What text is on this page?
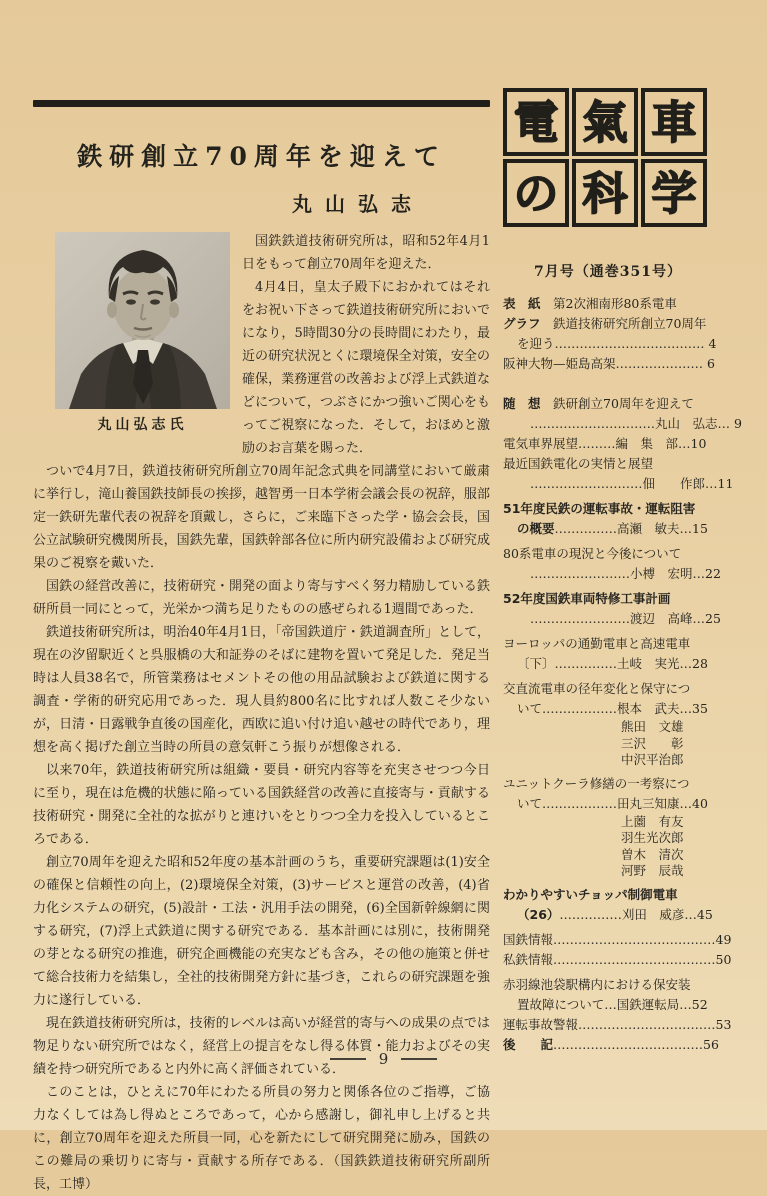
鉄研創立70周年を迎えて
丸山弘志
丸山弘志氏

国鉄鉄道技術研究所は，昭和52年4月1日をもって創立70周年を迎えた．

4月4日，皇太子殿下におかれてはそれをお祝い下さって鉄道技術研究所においでになり，5時間30分の長時間にわたり，最近の研究状況とくに環境保全対策，安全の確保，業務運営の改善および浮上式鉄道などについて，つぶさにかつ強いご関心をもってご視察になった．そして，おほめと激励のお言葉を賜った．

ついで4月7日，鉄道技術研究所創立70周年記念式典を同講堂において厳粛に挙行し，滝山養国鉄技師長の挨拶，越智勇一日本学術会議会長の祝辞，服部定一鉄研先輩代表の祝辞を頂戴し，さらに，ご来臨下さった学・協会会長，国公立試験研究機関所長，国鉄先輩，国鉄幹部各位に所内研究設備および研究成果のご視察を戴いた．

国鉄の経営改善に，技術研究・開発の面より寄与すべく努力精励している鉄研所員一同にとって，光栄かつ満ち足りたものの感ぜられる1週間であった．

鉄道技術研究所は，明治40年4月1日，「帝国鉄道庁・鉄道調査所」として，現在の汐留駅近くと呉服橋の大和証券のそばに建物を置いて発足した．発足当時は人員38名で，所管業務はセメントその他の用品試験および鉄道に関する調査・学術的研究応用であった．現人員約800名に比すれば人数こそ少ないが，日清・日露戦争直後の国産化，西欧に追い付け追い越せの時代であり，理想を高く掲げた創立当時の所員の意気軒こう振りが想像される．

以来70年，鉄道技術研究所は組織・要員・研究内容等を充実させつつ今日に至り，現在は危機的状態に陥っている国鉄経営の改善に直接寄与・貢献する技術研究・開発に全社的な拡がりと連けいをとりつつ全力を投入しているところである．

創立70周年を迎えた昭和52年度の基本計画のうち，重要研究課題は(1)安全の確保と信頼性の向上，(2)環境保全対策，(3)サービスと運営の改善，(4)省力化システムの研究，(5)設計・工法・汎用手法の開発，(6)全国新幹線網に関する研究，(7)浮上式鉄道に関する研究である．基本計画には別に，技術開発の芽となる研究の推進，研究企画機能の充実なども含み，その他の施策と併せて総合技術力を結集し，全社的技術開発方針に基づき，これらの研究課題を強力に遂行している．

現在鉄道技術研究所は，技術的レベルは高いが経営的寄与への成果の点では物足りない研究所ではなく，経営上の提言をなし得る体質・能力およびその実績を持つ研究所であると内外に高く評価されている．

このことは，ひとえに70年にわたる所員の努力と関係各位のご指導，ご協力なくしては為し得ぬところであって，心から感謝し，御礼申し上げると共に，創立70周年を迎えた所員一同，心を新たにして研究開発に励み，国鉄のこの難局の乗切りに寄与・貢献する所存である．（国鉄鉄道技術研究所副所長，工博）

電 氣 車
の 科 学
7月号（通巻351号）
表　紙　第2次湘南形80系電車
グラフ　鉄道技術研究所創立70周年
を迎う……………………………… 4
阪神大物—姫島高架………………… 6
随　想　鉄研創立70周年を迎えて
…………………………丸山　弘志… 9
電気車界展望………編　集　部…10
最近国鉄電化の実情と展望
………………………佃　　作郎…11
51年度民鉄の運転事故・運転阻害
の概要……………高瀬　敏夫…15
80系電車の現況と今後について
……………………小榑　宏明…22
52年度国鉄車両特修工事計画
……………………渡辺　高峰…25
ヨーロッパの通勤電車と高速電車
〔下〕……………土岐　実光…28
交直流電車の径年変化と保守につ
いて………………根本　武夫…35
熊田　文雄
三沢　　彰
中沢平治郎
ユニットクーラ修繕の一考察につ
いて………………田丸三知康…40
上薗　有友
羽生光次郎
曽木　清次
河野　辰哉
わかりやすいチョッパ制御電車
（26）……………刈田　威彦…45
国鉄情報…………………………………49
私鉄情報…………………………………50
赤羽線池袋駅構内における保安装
置故障について…国鉄運転局…52
運転事故警報……………………………53
後　　記………………………………56
9
